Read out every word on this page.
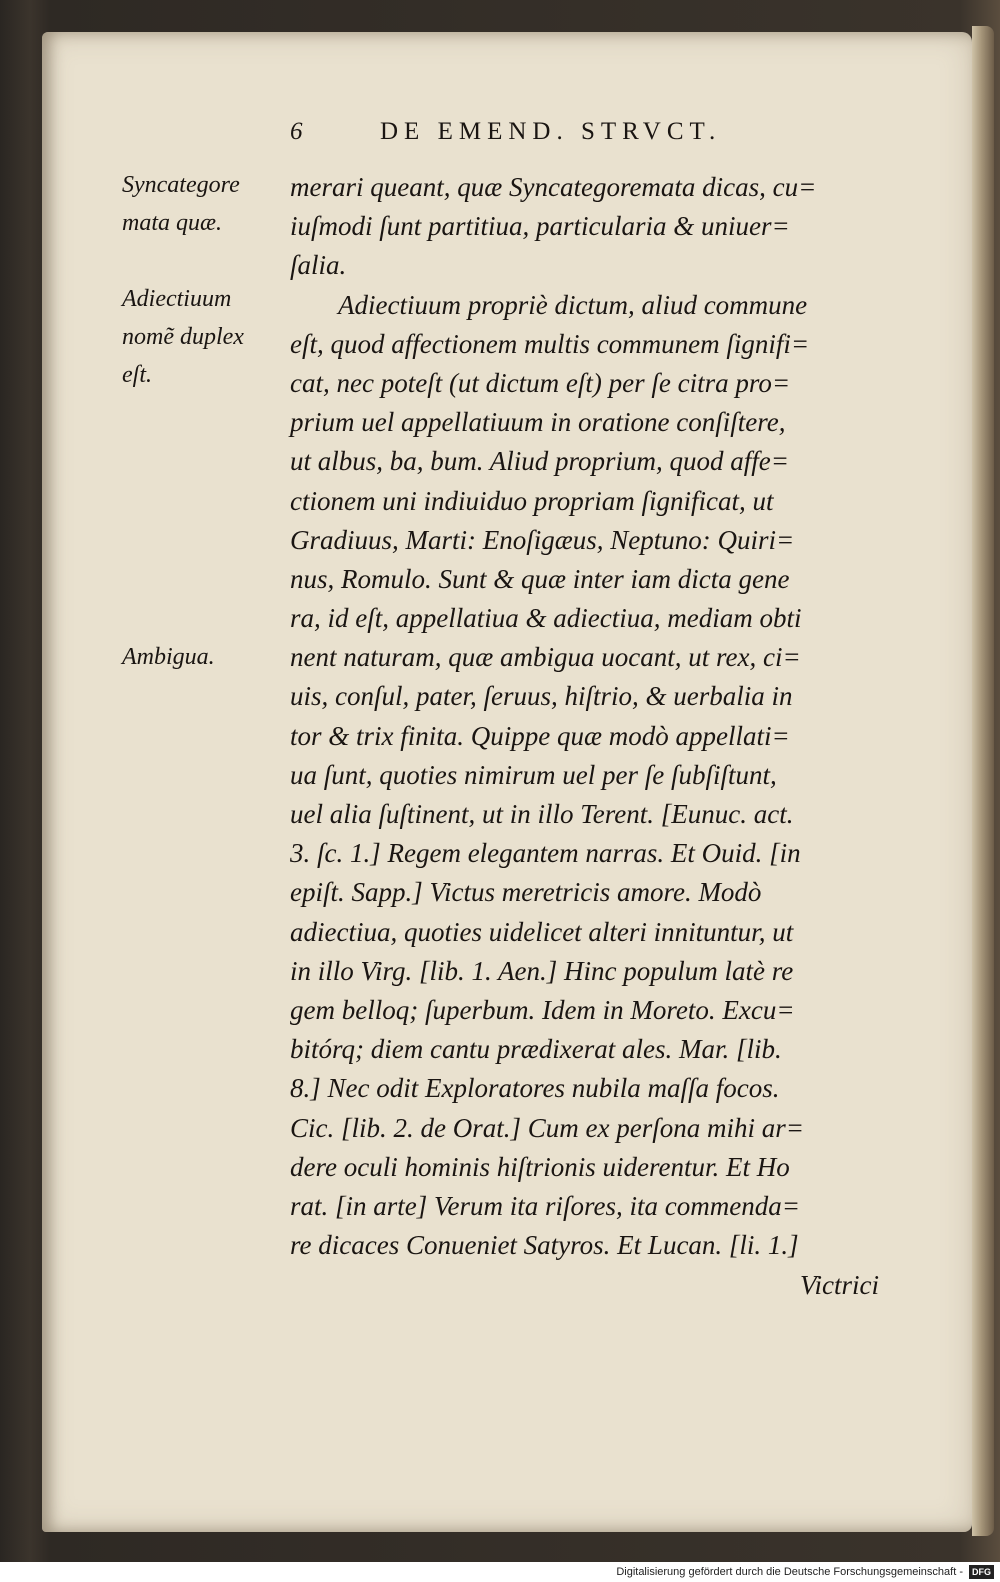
6	DE EMEND. STRVCT.
Syncategore
mata quæ.
Adiectiuum
nomẽ duplex
eſt.
Ambigua.
merari queant, quæ Syncategoremata dicas, cu=
iuſmodi ſunt partitiua, particularia & uniuer=
ſalia.
Adiectiuum propriè dictum, aliud commune
eſt, quod affectionem multis communem ſignifi=
cat, nec poteſt (ut dictum eſt) per ſe citra pro=
prium uel appellatiuum in oratione conſiſtere,
ut albus, ba, bum. Aliud proprium, quod affe=
ctionem uni indiuiduo propriam ſignificat, ut
Gradiuus, Marti: Enoſigæus, Neptuno: Quiri=
nus, Romulo. Sunt & quæ inter iam dicta gene
ra, id eſt, appellatiua & adiectiua, mediam obti
nent naturam, quæ ambigua uocant, ut rex, ci=
uis, conſul, pater, ſeruus, hiſtrio, & uerbalia in
tor & trix finita. Quippe quæ modò appellati=
ua ſunt, quoties nimirum uel per ſe ſubſiſtunt,
uel alia ſuſtinent, ut in illo Terent. [Eunuc. act.
3. ſc. 1.] Regem elegantem narras. Et Ouid. [in
epiſt. Sapp.] Victus meretricis amore. Modò
adiectiua, quoties uidelicet alteri innituntur, ut
in illo Virg. [lib. 1. Aen.] Hinc populum latè re
gem belloq; ſuperbum. Idem in Moreto. Excu=
bitórq; diem cantu prædixerat ales. Mar. [lib.
8.] Nec odit Exploratores nubila maſſa focos.
Cic. [lib. 2. de Orat.] Cum ex perſona mihi ar=
dere oculi hominis hiſtrionis uiderentur. Et Ho
rat. [in arte] Verum ita riſores, ita commenda=
re dicaces Conueniet Satyros. Et Lucan. [li. 1.]
Victrici
Digitalisierung gefördert durch die Deutsche Forschungsgemeinschaft - DFG
